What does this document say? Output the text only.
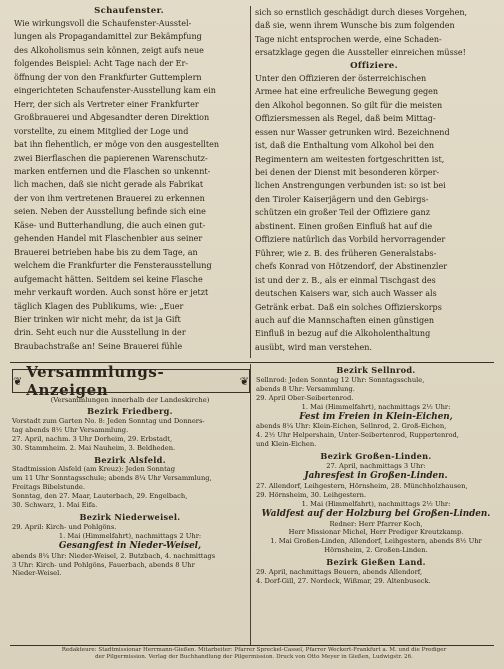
Schaufenster.

Wie wirkungsvoll die Schaufenster-Ausstel-
lungen als Propagandamittel zur Bekämpfung
des Alkoholismus sein können, zeigt aufs neue
folgendes Beispiel: Acht Tage nach der Er-
öffnung der von den Frankfurter Guttemplern
eingerichteten Schaufenster-Ausstellung kam ein
Herr, der sich als Vertreter einer Frankfurter
Großbrauerei und Abgesandter deren Direktion
vorstellte, zu einem Mitglied der Loge und
bat ihn flehentlich, er möge von den ausgestellten
zwei Bierflaschen die papierenen Warenschutz-
marken entfernen und die Flaschen so unkennt-
lich machen, daß sie nicht gerade als Fabrikat
der von ihm vertretenen Brauerei zu erkennen
seien. Neben der Ausstellung befinde sich eine
Käse- und Butterhandlung, die auch einen gut-
gehenden Handel mit Flaschenbier aus seiner
Brauerei betrieben habe bis zu dem Tage, an
welchem die Frankfurter die Fensterausstellung
aufgemacht hätten. Seitdem sei keine Flasche
mehr verkauft worden. Auch sonst höre er jetzt
täglich Klagen des Publikums, wie: „Euer
Bier trinken wir nicht mehr, da ist ja Gift
drin. Seht euch nur die Ausstellung in der
Braubachstraße an! Seine Brauerei fühle

sich so ernstlich geschädigt durch dieses Vorgehen,
daß sie, wenn ihrem Wunsche bis zum folgenden
Tage nicht entsprochen werde, eine Schaden-
ersatzklage gegen die Aussteller einreichen müsse!

Offiziere.

Unter den Offizieren der österreichischen
Armee hat eine erfreuliche Bewegung gegen
den Alkohol begonnen. So gilt für die meisten
Offiziersmessen als Regel, daß beim Mittag-
essen nur Wasser getrunken wird. Bezeichnend
ist, daß die Enthaltung vom Alkohol bei den
Regimentern am weitesten fortgeschritten ist,
bei denen der Dienst mit besonderen körper-
lichen Anstrengungen verbunden ist: so ist bei
den Tiroler Kaiserjägern und den Gebirgs-
schützen ein großer Teil der Offiziere ganz
abstinent. Einen großen Einfluß hat auf die
Offiziere natürlich das Vorbild hervorragender
Führer, wie z. B. des früheren Generalstabs-
chefs Konrad von Hötzendorf, der Abstinenzler
ist und der z. B., als er einmal Tischgast des
deutschen Kaisers war, sich auch Wasser als
Getränk erbat. Daß ein solches Offizierskorps
auch auf die Mannschaften einen günstigen
Einfluß in bezug auf die Alkoholenthaltung
ausübt, wird man verstehen.

❦ Versammlungs-Anzeigen	❦
(Versammlungen innerhalb der Landeskirche)
Bezirk Friedberg.
Vorstadt zum Garten No. 8: Jeden Sonntag und Donners-
tag abends 8½ Uhr Versammlung.
27. April, nachm. 3 Uhr Dorheim, 29. Erbstadt,
30. Stammheim. 2. Mai Nauheim, 3. Beldheden.
Bezirk Alsfeld.
Stadtmission Alsfeld (am Kreuz): Jeden Sonntag
um 11 Uhr Sonntagsschule; abends 8¼ Uhr Versammlung,
Freitags Bibelstunde.
Sonntag, den 27. Maar, Lauterbach, 29. Engelbach,
30. Schwarz, 1. Mai Eifa.
Bezirk Niederweisel.
29. April: Kirch- und Pohlgöns.
1. Mai (Himmelfahrt), nachmittags 2 Uhr:
Gesangfest in Nieder-Weisel,
abends 8¼ Uhr: Nieder-Weisel, 2. Butzbach, 4. nachmittags
3 Uhr: Kirch- und Pohlgöns, Fauerbach, abends 8 Uhr
Nieder-Weisel.
Bezirk Sellnrod.
Sellnrod: Jeden Sonntag 12 Uhr: Sonntagsschule,
abends 8 Uhr: Versammlung.
29. April Ober-Seibertenrod.
1. Mai (Himmelfahrt), nachmittags 2½ Uhr:
Fest im Freien in Klein-Eichen,
abends 8¼ Uhr: Klein-Eichen, Sellnrod, 2. Groß-Eichen,
4. 2½ Uhr Helpershain, Unter-Seibertenrod, Ruppertenrod,
und Klein-Eichen.
Bezirk Großen-Linden.
27. April, nachmittags 3 Uhr:
Jahresfest in Großen-Linden.
27. Allendorf, Leihgestern, Hörnsheim, 28. Münchholzhausen,
29. Hörnsheim, 30. Leihgestern.
1. Mai (Himmelfahrt), nachmittags 2½ Uhr:
Waldfest auf der Holzburg bei Großen-Linden.
Redner: Herr Pfarrer Koch,
Herr Missionar Michel, Herr Prediger Kreutzkamp.
1. Mai Großen-Linden, Allendorf, Leihgestern, abends 8½ Uhr
Hörnsheim, 2. Großen-Linden.
Bezirk Gießen Land.
29. April, nachmittags Beuern, abends Allendorf,
4. Dorf-Gill, 27. Nordeck, Wißmar, 29. Altenbuseck.
Redakteure: Stadtmissionar Herrmann-Gießen. Mitarbeiter: Pfarrer Spreckel-Cassel, Pfarrer Weckert-Frankfurt a. M. und die Prediger
der Pilgermission. Verlag der Buchhandlung der Pilgermission. Druck von Otto Meyer in Gießen, Ludwigstr. 26.
